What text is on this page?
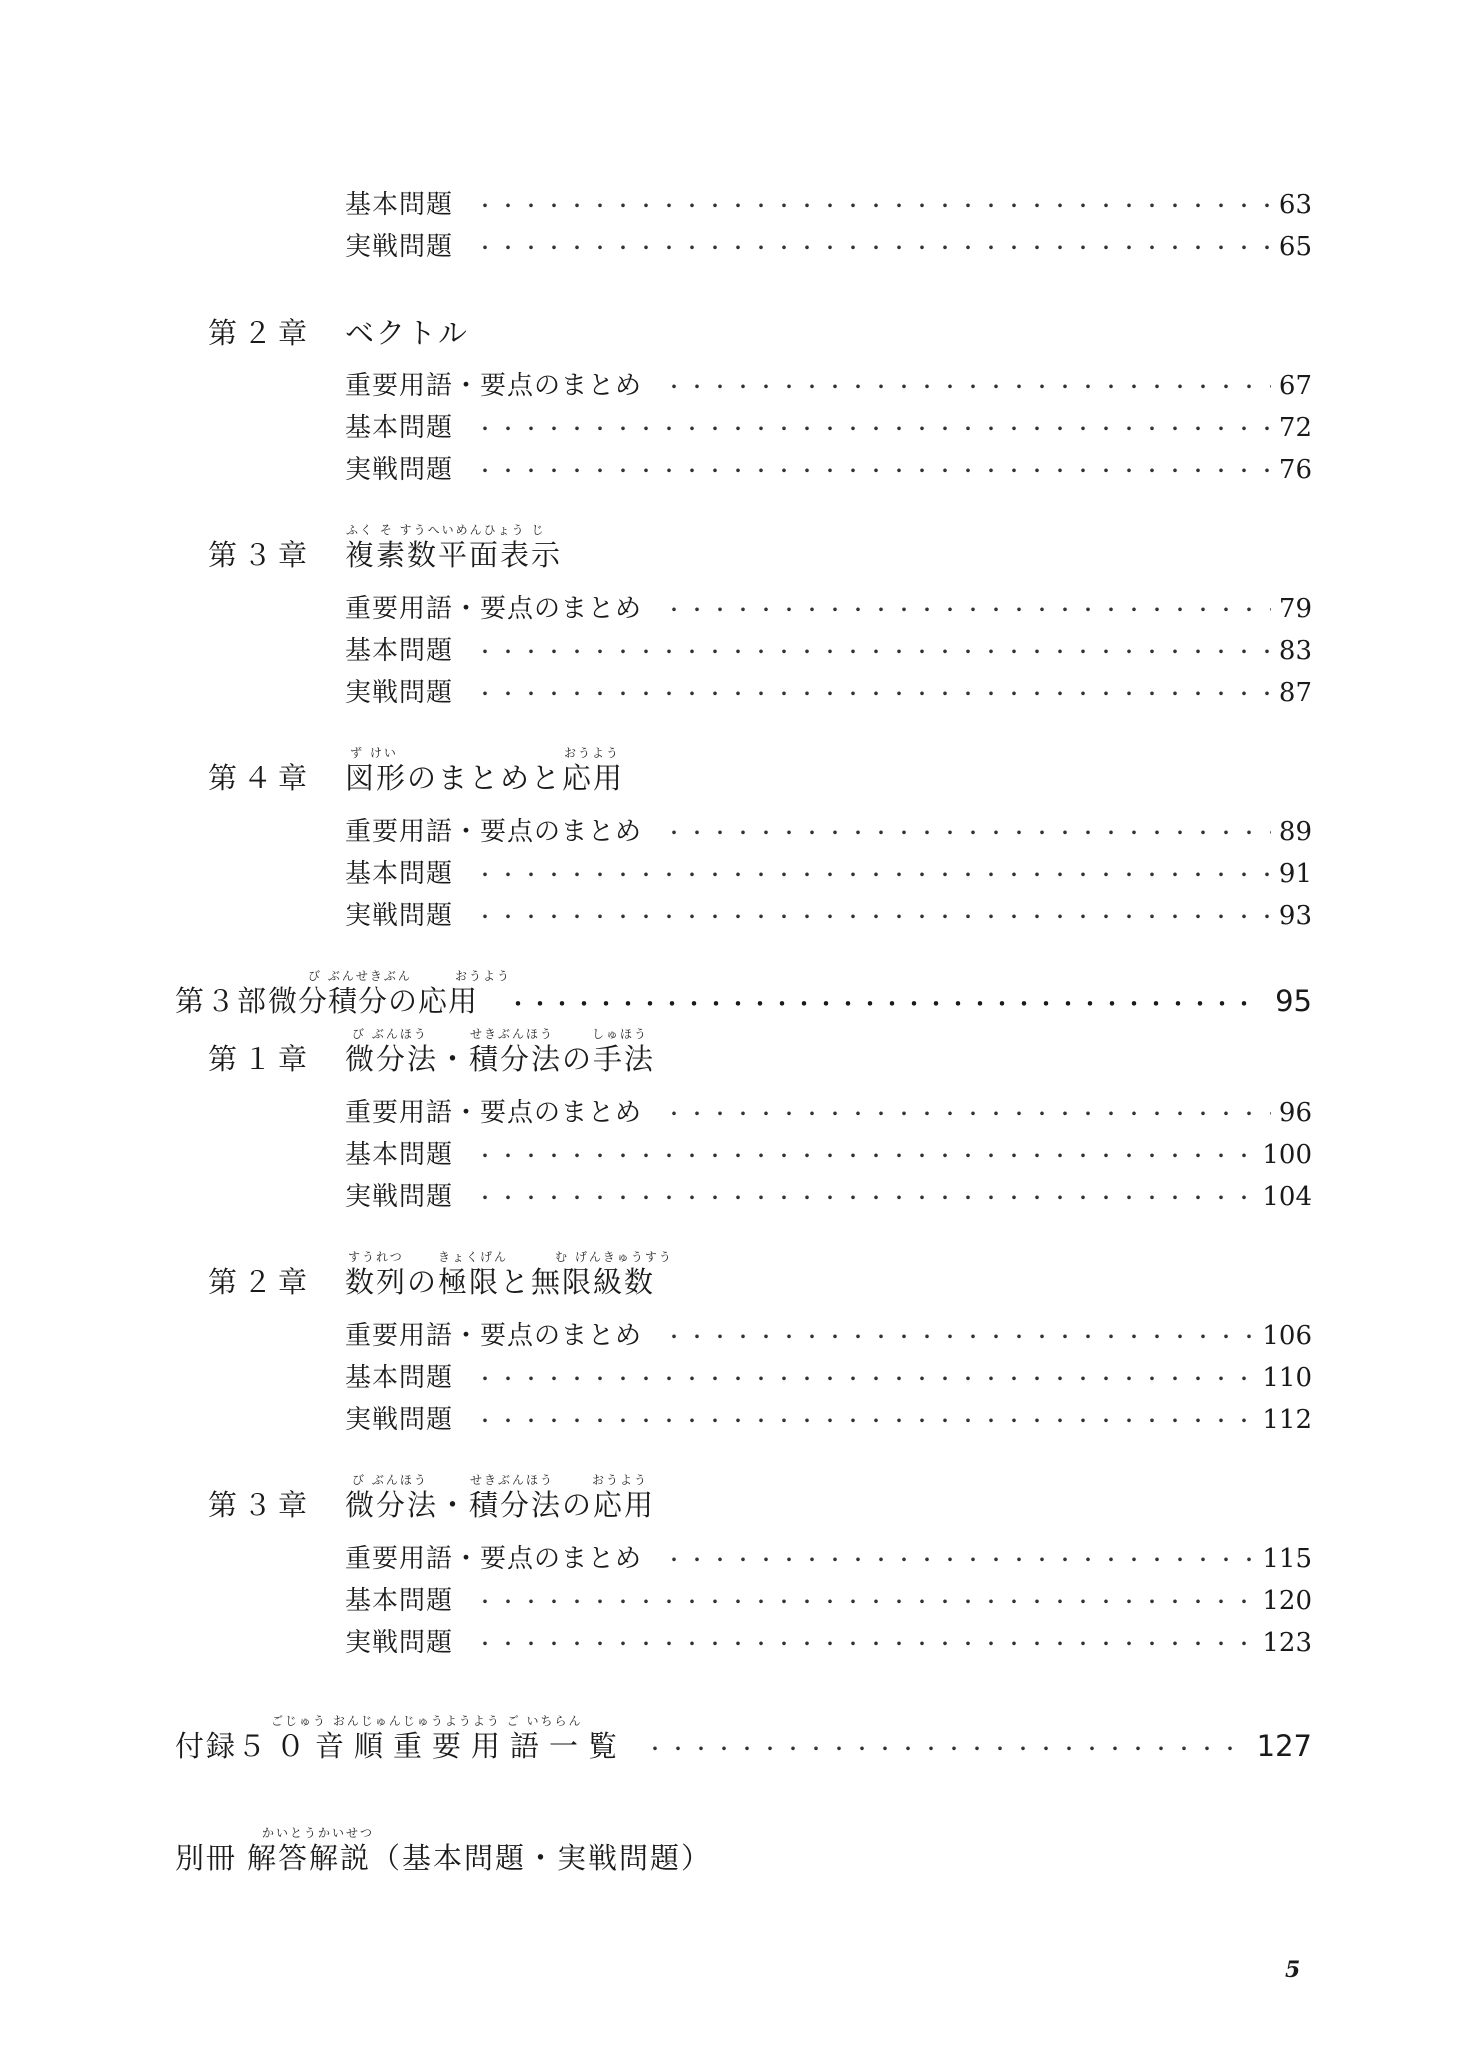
基本問題 ・・・・・・・・・・・・・・・・・・・・・・・・・・・・・・・・・・・・・・・・・・・・・・・・・・・・・・・・・・・・・・・・・・・・・・・・・・・・・・・・・・・・・・・・	63
実戦問題 ・・・・・・・・・・・・・・・・・・・・・・・・・・・・・・・・・・・・・・・・・・・・・・・・・・・・・・・・・・・・・・・・・・・・・・・・・・・・・・・・・・・・・・・・	65
第２章	ベクトル
重要用語・要点のまとめ ・・・・・・・・・・・・・・・・・・・・・・・・・・・・・・・・・・・・・・・・・・・・・・・・・・・・・・・・・・・・・・・・・・・・・・・・・・・・・・・・・・・・・・・・	67
基本問題 ・・・・・・・・・・・・・・・・・・・・・・・・・・・・・・・・・・・・・・・・・・・・・・・・・・・・・・・・・・・・・・・・・・・・・・・・・・・・・・・・・・・・・・・・	72
実戦問題 ・・・・・・・・・・・・・・・・・・・・・・・・・・・・・・・・・・・・・・・・・・・・・・・・・・・・・・・・・・・・・・・・・・・・・・・・・・・・・・・・・・・・・・・・	76
ふく そ すうへいめんひょう じ
第３章	複素数平面表示
重要用語・要点のまとめ ・・・・・・・・・・・・・・・・・・・・・・・・・・・・・・・・・・・・・・・・・・・・・・・・・・・・・・・・・・・・・・・・・・・・・・・・・・・・・・・・・・・・・・・・	79
基本問題 ・・・・・・・・・・・・・・・・・・・・・・・・・・・・・・・・・・・・・・・・・・・・・・・・・・・・・・・・・・・・・・・・・・・・・・・・・・・・・・・・・・・・・・・・	83
実戦問題 ・・・・・・・・・・・・・・・・・・・・・・・・・・・・・・・・・・・・・・・・・・・・・・・・・・・・・・・・・・・・・・・・・・・・・・・・・・・・・・・・・・・・・・・・	87
ず けい	おうよう
第４章	図形のまとめと応用
重要用語・要点のまとめ ・・・・・・・・・・・・・・・・・・・・・・・・・・・・・・・・・・・・・・・・・・・・・・・・・・・・・・・・・・・・・・・・・・・・・・・・・・・・・・・・・・・・・・・・	89
基本問題 ・・・・・・・・・・・・・・・・・・・・・・・・・・・・・・・・・・・・・・・・・・・・・・・・・・・・・・・・・・・・・・・・・・・・・・・・・・・・・・・・・・・・・・・・	91
実戦問題 ・・・・・・・・・・・・・・・・・・・・・・・・・・・・・・・・・・・・・・・・・・・・・・・・・・・・・・・・・・・・・・・・・・・・・・・・・・・・・・・・・・・・・・・・	93
び ぶんせきぶん	おうよう
第３部 微分積分の応用 ・・・・・・・・・・・・・・・・・・・・・・・・・・・・・・・・・・・・・・・・・・・・・・・・・・・・・・・・・・・・・・・・・・・・・・	95
び ぶんほう	せきぶんほう	しゅほう
第１章	微分法・積分法の手法
重要用語・要点のまとめ ・・・・・・・・・・・・・・・・・・・・・・・・・・・・・・・・・・・・・・・・・・・・・・・・・・・・・・・・・・・・・・・・・・・・・・・・・・・・・・・・・・・・・・・・	96
基本問題 ・・・・・・・・・・・・・・・・・・・・・・・・・・・・・・・・・・・・・・・・・・・・・・・・・・・・・・・・・・・・・・・・・・・・・・・・・・・・・・・・・・・・・・・・	100
実戦問題 ・・・・・・・・・・・・・・・・・・・・・・・・・・・・・・・・・・・・・・・・・・・・・・・・・・・・・・・・・・・・・・・・・・・・・・・・・・・・・・・・・・・・・・・・	104
すうれつ	きょくげん	む げんきゅうすう
第２章	数列の極限と無限級数
重要用語・要点のまとめ ・・・・・・・・・・・・・・・・・・・・・・・・・・・・・・・・・・・・・・・・・・・・・・・・・・・・・・・・・・・・・・・・・・・・・・・・・・・・・・・・・・・・・・・・	106
基本問題 ・・・・・・・・・・・・・・・・・・・・・・・・・・・・・・・・・・・・・・・・・・・・・・・・・・・・・・・・・・・・・・・・・・・・・・・・・・・・・・・・・・・・・・・・	110
実戦問題 ・・・・・・・・・・・・・・・・・・・・・・・・・・・・・・・・・・・・・・・・・・・・・・・・・・・・・・・・・・・・・・・・・・・・・・・・・・・・・・・・・・・・・・・・	112
び ぶんほう	せきぶんほう	おうよう
第３章	微分法・積分法の応用
重要用語・要点のまとめ ・・・・・・・・・・・・・・・・・・・・・・・・・・・・・・・・・・・・・・・・・・・・・・・・・・・・・・・・・・・・・・・・・・・・・・・・・・・・・・・・・・・・・・・・	115
基本問題 ・・・・・・・・・・・・・・・・・・・・・・・・・・・・・・・・・・・・・・・・・・・・・・・・・・・・・・・・・・・・・・・・・・・・・・・・・・・・・・・・・・・・・・・・	120
実戦問題 ・・・・・・・・・・・・・・・・・・・・・・・・・・・・・・・・・・・・・・・・・・・・・・・・・・・・・・・・・・・・・・・・・・・・・・・・・・・・・・・・・・・・・・・・	123
ごじゅう おんじゅんじゅうようよう ご いちらん
付録 ５０音順重要用語一覧 ・・・・・・・・・・・・・・・・・・・・・・・・・・・・・・・・・・・・・・・・・・・・・・・・・・・・・・・・・・・・・・・・・・・	127
かいとうかいせつ
別冊 解答解説（基本問題・実戦問題）
5
